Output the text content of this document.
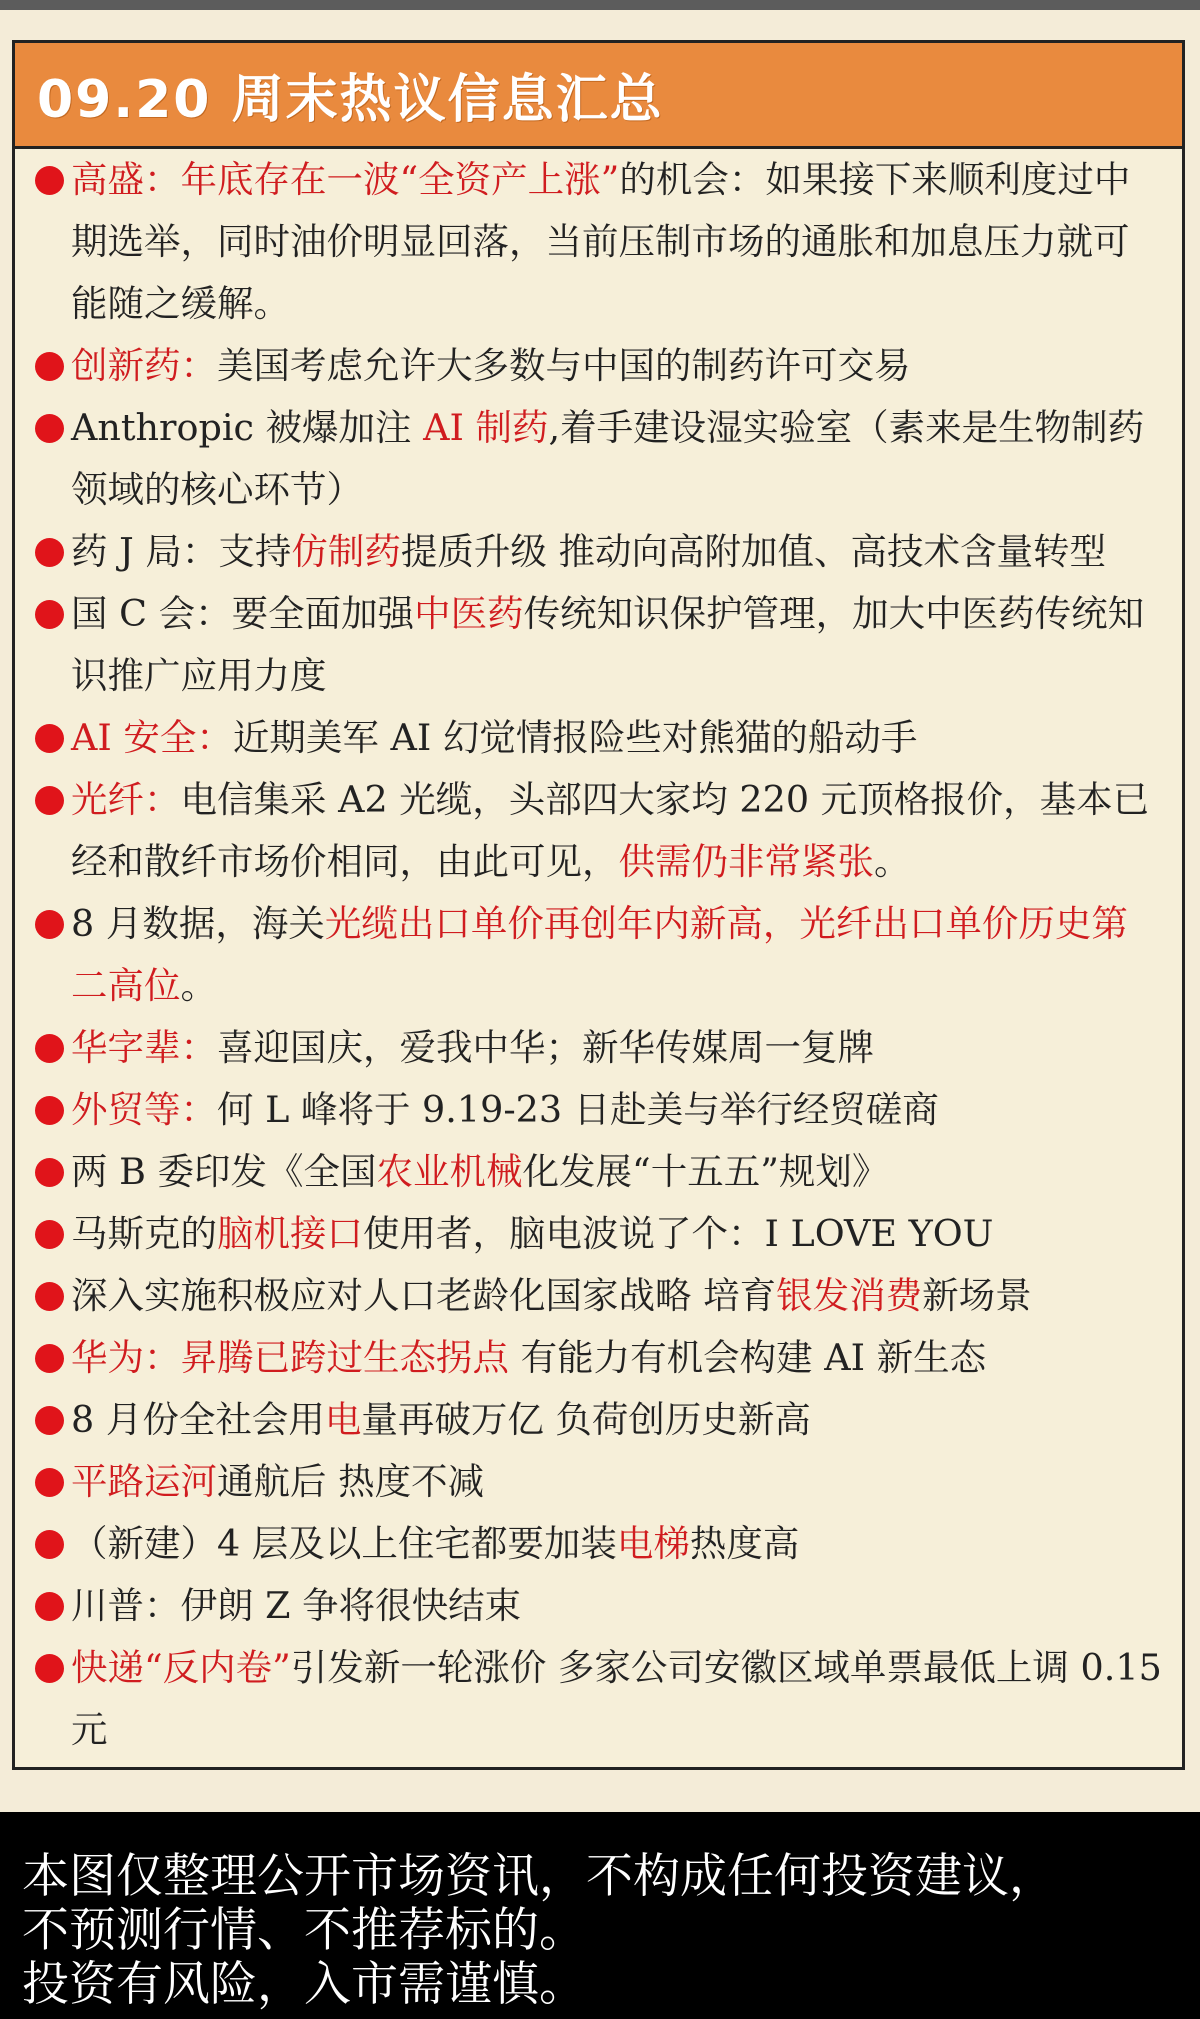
09.20 周末热议信息汇总
高盛：年底存在一波“全资产上涨”的机会：如果接下来顺利度过中期选举，同时油价明显回落，当前压制市场的通胀和加息压力就可能随之缓解。
创新药：美国考虑允许大多数与中国的制药许可交易
Anthropic 被爆加注 AI 制药,着手建设湿实验室（素来是生物制药领域的核心环节）
药 J 局：支持仿制药提质升级 推动向高附加值、高技术含量转型
国 C 会：要全面加强中医药传统知识保护管理，加大中医药传统知识推广应用力度
AI 安全：近期美军 AI 幻觉情报险些对熊猫的船动手
光纤：电信集采 A2 光缆，头部四大家均 220 元顶格报价，基本已经和散纤市场价相同，由此可见，供需仍非常紧张。
8 月数据，海关光缆出口单价再创年内新高，光纤出口单价历史第二高位。
华字辈：喜迎国庆，爱我中华；新华传媒周一复牌
外贸等：何 L 峰将于 9.19-23 日赴美与举行经贸磋商
两 B 委印发《全国农业机械化发展“十五五”规划》
马斯克的脑机接口使用者，脑电波说了个：I LOVE YOU
深入实施积极应对人口老龄化国家战略 培育银发消费新场景
华为：昇腾已跨过生态拐点 有能力有机会构建 AI 新生态
8 月份全社会用电量再破万亿 负荷创历史新高
平路运河通航后 热度不减
（新建）4 层及以上住宅都要加装电梯热度高
川普：伊朗 Z 争将很快结束
快递“反内卷”引发新一轮涨价 多家公司安徽区域单票最低上调 0.15 元
本图仅整理公开市场资讯，不构成任何投资建议，
不预测行情、不推荐标的。
投资有风险，入市需谨慎。
